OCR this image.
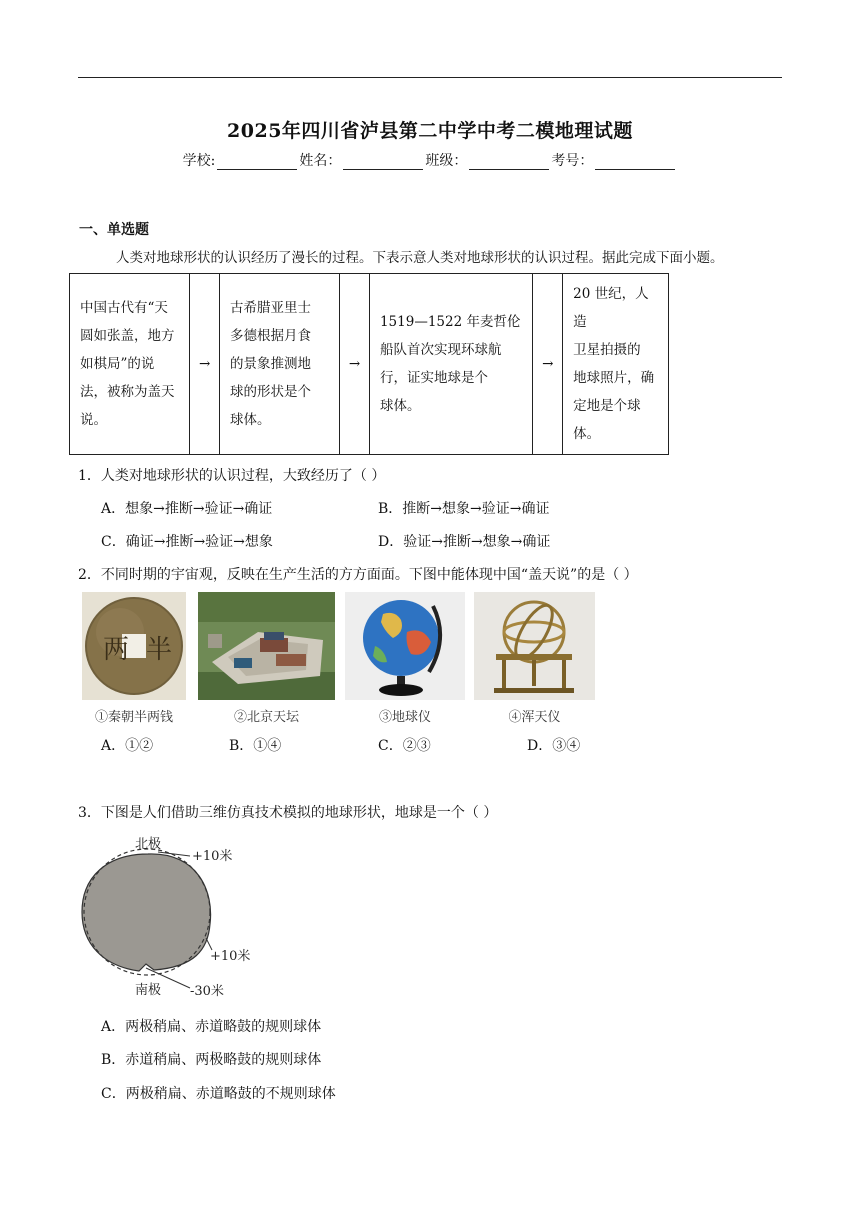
2025年四川省泸县第二中学中考二模地理试题
学校:	姓名：	班级：	考号：
一、单选题
人类对地球形状的认识经历了漫长的过程。下表示意人类对地球形状的认识过程。据此完成下面小题。
中国古代有“天
圆如张盖，地方
如棋局”的说
法，被称为盖天
说。
	→	
古希腊亚里士
多德根据月食
的景象推测地
球的形状是个
球体。
	→	
1519—1522 年麦哲伦
船队首次实现环球航
行，证实地球是个
球体。
	→	
20 世纪，人造
卫星拍摄的
地球照片，确
定地是个球
体。
1．人类对地球形状的认识过程，大致经历了（ ）
A．想象→推断→验证→确证	B．推断→想象→验证→确证
C．确证→推断→验证→想象	D．验证→推断→想象→确证
2．不同时期的宇宙观，反映在生产生活的方方面面。下图中能体现中国“盖天说”的是（ ）
两 半
①秦朝半两钱	②北京天坛	③地球仪	④浑天仪
A．①②	B．①④	C．②③	D．③④
3．下图是人们借助三维仿真技术模拟的地球形状，地球是一个（ ）
北极
+10米
+10米
南极 -30米
A．两极稍扁、赤道略鼓的规则球体
B．赤道稍扁、两极略鼓的规则球体
C．两极稍扁、赤道略鼓的不规则球体
